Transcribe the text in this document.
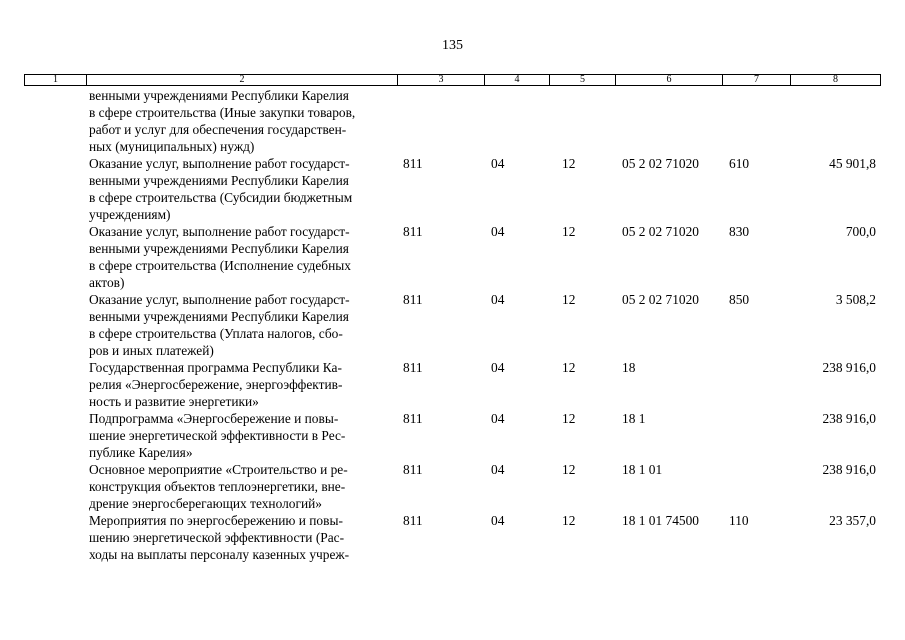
135
1	2	3	4	5	6	7	8

	венными учреждениями Республики Карелия
в сфере строительства (Иные закупки товаров,
работ и услуг для обеспечения государствен-
ных (муниципальных) нужд)						

	Оказание услуг, выполнение работ государст-
венными учреждениями Республики Карелия
в сфере строительства (Субсидии бюджетным
учреждениям)	811	04	12	05 2 02 71020	610	45 901,8

	Оказание услуг, выполнение работ государст-
венными учреждениями Республики Карелия
в сфере строительства (Исполнение судебных
актов)	811	04	12	05 2 02 71020	830	700,0

	Оказание услуг, выполнение работ государст-
венными учреждениями Республики Карелия
в сфере строительства (Уплата налогов, сбо-
ров и иных платежей)	811	04	12	05 2 02 71020	850	3 508,2

	Государственная программа Республики Ка-
релия «Энергосбережение, энергоэффектив-
ность и развитие энергетики»	811	04	12	18		238 916,0

	Подпрограмма «Энергосбережение и повы-
шение энергетической эффективности в Рес-
публике Карелия»	811	04	12	18 1		238 916,0

	Основное мероприятие «Строительство и ре-
конструкция объектов теплоэнергетики, вне-
дрение энергосберегающих технологий»	811	04	12	18 1 01		238 916,0

	Мероприятия по энергосбережению и повы-
шению энергетической эффективности (Рас-
ходы на выплаты персоналу казенных учреж-	811	04	12	18 1 01 74500	110	23 357,0
